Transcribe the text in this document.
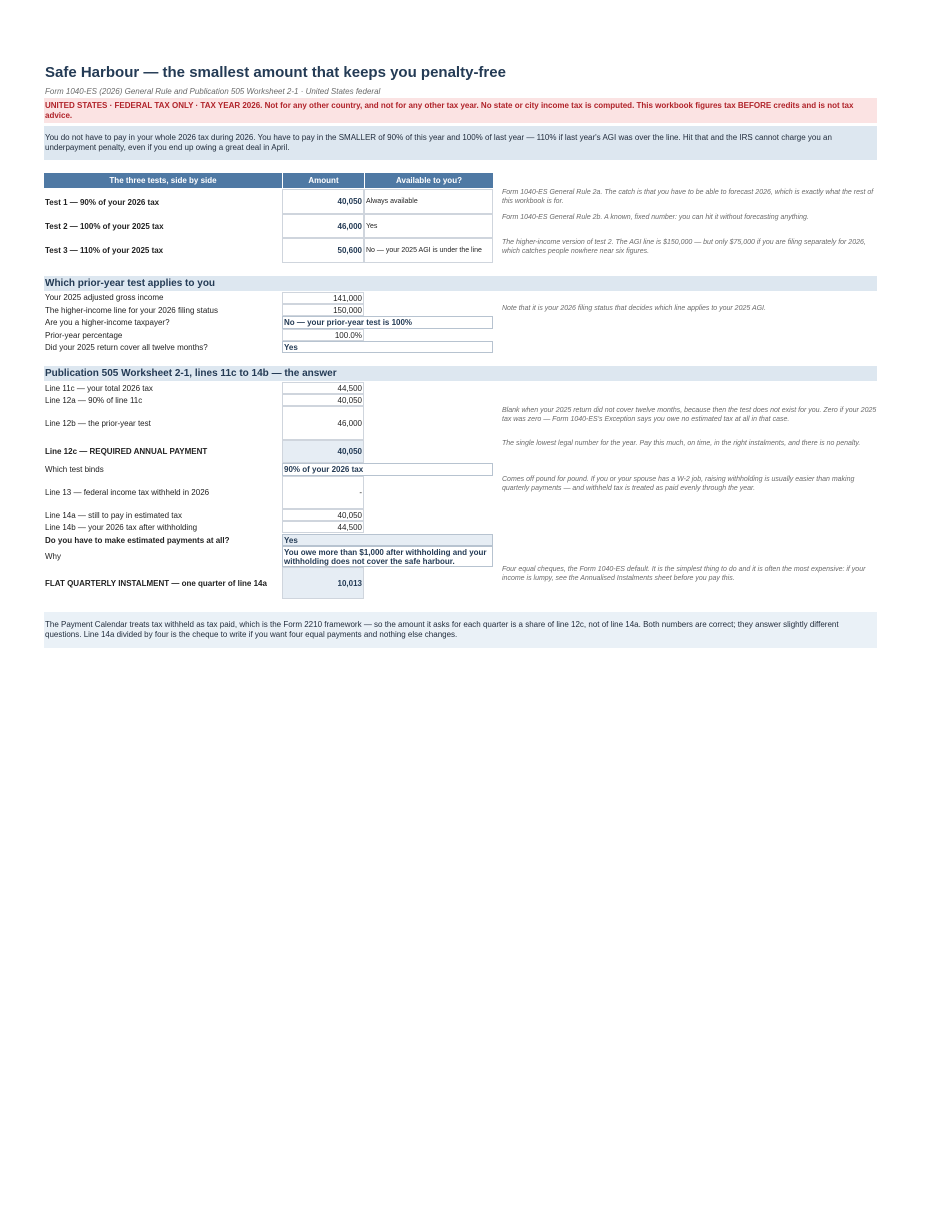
Safe Harbour — the smallest amount that keeps you penalty-free
Form 1040-ES (2026) General Rule and Publication 505 Worksheet 2-1 · United States federal
UNITED STATES · FEDERAL TAX ONLY · TAX YEAR 2026. Not for any other country, and not for any other tax year. No state or city income tax is computed. This workbook figures tax BEFORE credits and is not tax advice.
You do not have to pay in your whole 2026 tax during 2026. You have to pay in the SMALLER of 90% of this year and 100% of last year — 110% if last year's AGI was over the line. Hit that and the IRS cannot charge you an underpayment penalty, even if you end up owing a great deal in April.
The three tests, side by side	Amount	Available to you?
Test 1 — 90% of your 2026 tax	40,050 Always available
Form 1040-ES General Rule 2a. The catch is that you have to be able to forecast 2026, which is exactly what the rest of this workbook is for.
Test 2 — 100% of your 2025 tax	46,000 Yes
Form 1040-ES General Rule 2b. A known, fixed number: you can hit it without forecasting anything.
Test 3 — 110% of your 2025 tax	50,600 No — your 2025 AGI is under the line
The higher-income version of test 2. The AGI line is $150,000 — but only $75,000 if you are filing separately for 2026, which catches people nowhere near six figures.
Which prior-year test applies to you
Your 2025 adjusted gross income	141,000
The higher-income line for your 2026 filing status	150,000	Note that it is your 2026 filing status that decides which line applies to your 2025 AGI.
Are you a higher-income taxpayer?	No — your prior-year test is 100%
Prior-year percentage	100.0%
Did your 2025 return cover all twelve months?	Yes
Publication 505 Worksheet 2-1, lines 11c to 14b — the answer
Line 11c — your total 2026 tax	44,500
Line 12a — 90% of line 11c	40,050
Line 12b — the prior-year test	46,000
Blank when your 2025 return did not cover twelve months, because then the test does not exist for you. Zero if your 2025 tax was zero — Form 1040-ES's Exception says you owe no estimated tax at all in that case.
Line 12c — REQUIRED ANNUAL PAYMENT	40,050
The single lowest legal number for the year. Pay this much, on time, in the right instalments, and there is no penalty.
Which test binds	90% of your 2026 tax
Line 13 — federal income tax withheld in 2026	-
Comes off pound for pound. If you or your spouse has a W-2 job, raising withholding is usually easier than making quarterly payments — and withheld tax is treated as paid evenly through the year.
Line 14a — still to pay in estimated tax	40,050
Line 14b — your 2026 tax after withholding	44,500
Do you have to make estimated payments at all?	Yes
Why	You owe more than $1,000 after withholding and your withholding does not cover the safe harbour.
FLAT QUARTERLY INSTALMENT — one quarter of line 14a	10,013
Four equal cheques, the Form 1040-ES default. It is the simplest thing to do and it is often the most expensive: if your income is lumpy, see the Annualised Instalments sheet before you pay this.
The Payment Calendar treats tax withheld as tax paid, which is the Form 2210 framework — so the amount it asks for each quarter is a share of line 12c, not of line 14a. Both numbers are correct; they answer slightly different questions. Line 14a divided by four is the cheque to write if you want four equal payments and nothing else changes.
